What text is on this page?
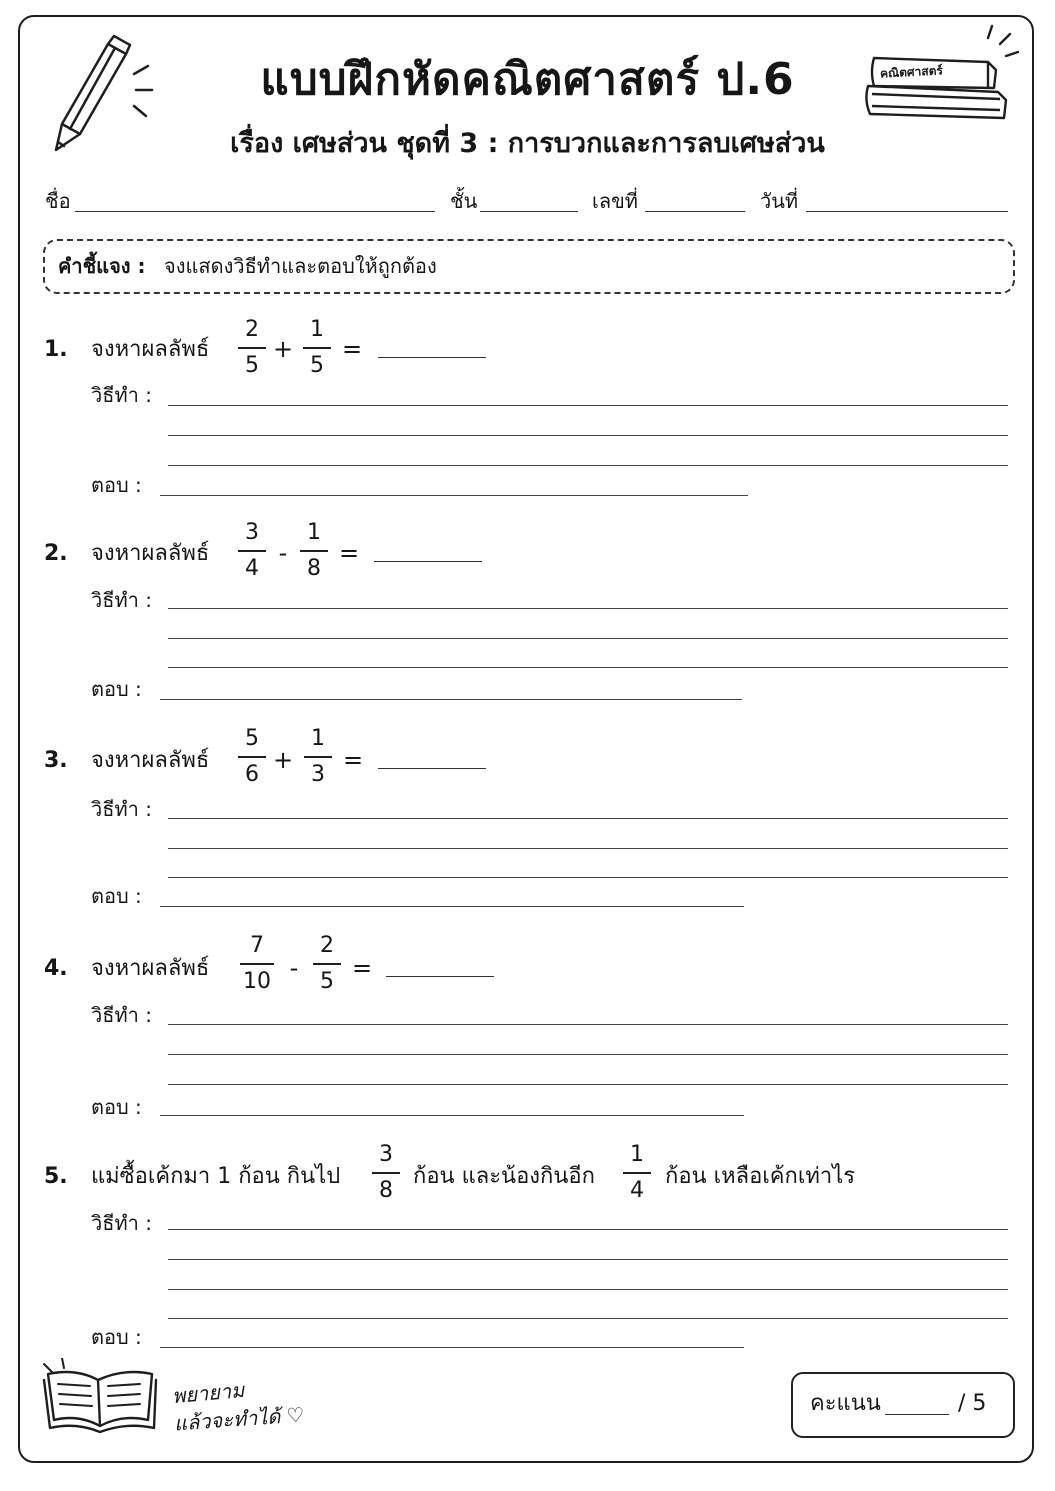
คณิตศาสตร์
แบบฝึกหัดคณิตศาสตร์ ป.6
เรื่อง เศษส่วน ชุดที่ 3 : การบวกและการลบเศษส่วน
ชื่อ	ชั้น	เลขที่	วันที่
คำชี้แจง : จงแสดงวิธีทำและตอบให้ถูกต้อง
1. จงหาผลลัพธ์
2
5
+
1
5
=
วิธีทำ :
ตอบ :
2. จงหาผลลัพธ์
3
4
-
1
8
=
วิธีทำ :
ตอบ :
3. จงหาผลลัพธ์
5
6
+
1
3
=
วิธีทำ :
ตอบ :
4. จงหาผลลัพธ์
7
10 -
2
5 =
วิธีทำ :
ตอบ :
5. แม่ซื้อเค้กมา 1 ก้อน กินไป
3
8
ก้อน และน้องกินอีก
1
4
ก้อน เหลือเค้กเท่าไร
วิธีทำ :
ตอบ :
พยายาม
แล้วจะทำได้ ♡	คะแนน	/ 5
